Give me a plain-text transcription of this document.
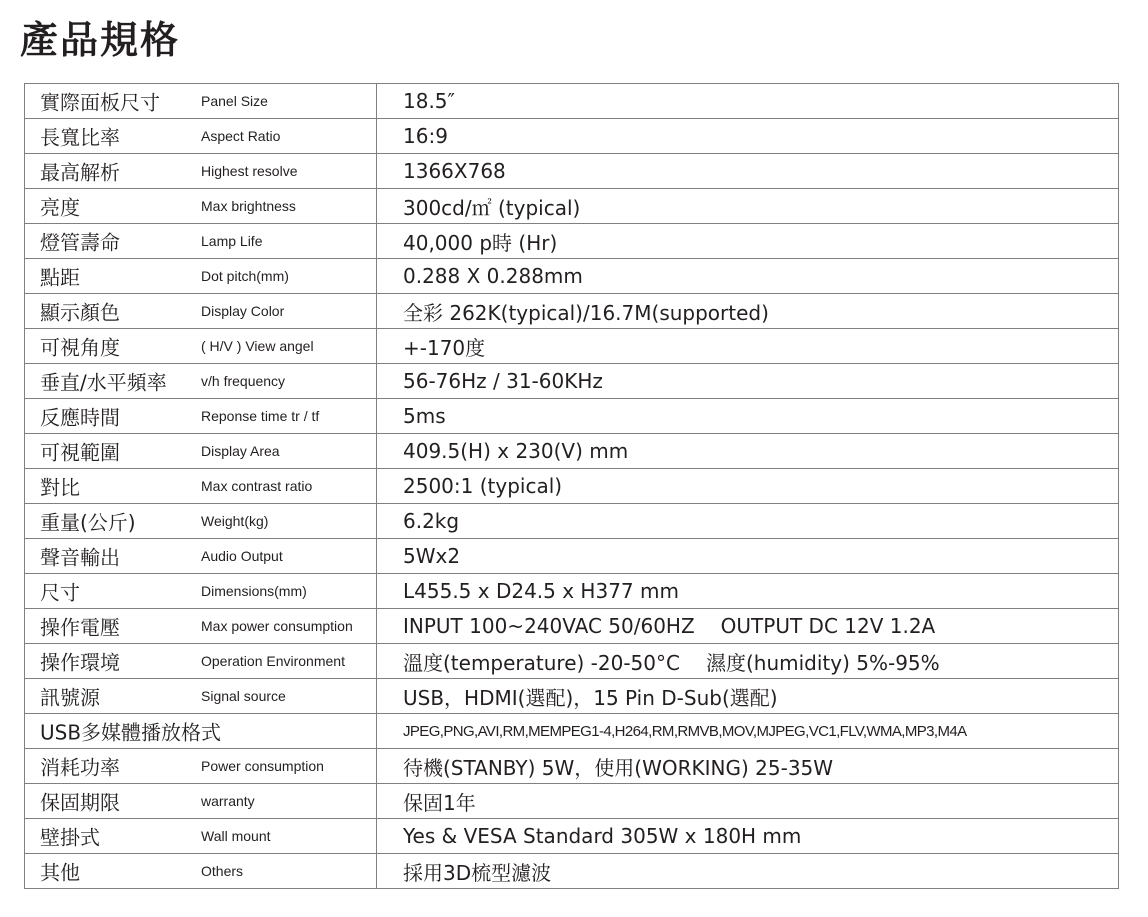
產品規格
實際面板尺寸 Panel Size	18.5″

長寬比率 Aspect Ratio	16:9

最高解析 Highest resolve	1366X768

亮度 Max brightness	300cd/㎡ (typical)

燈管壽命 Lamp Life	40,000 p時 (Hr)

點距 Dot pitch(mm)	0.288 X 0.288mm

顯示顏色 Display Color	全彩 262K(typical)/16.7M(supported)

可視角度 ( H/V ) View angel	+-170度

垂直/水平頻率 v/h frequency	56-76Hz / 31-60KHz

反應時間 Reponse time tr / tf	5ms

可視範圍 Display Area	409.5(H) x 230(V) mm

對比 Max contrast ratio	2500:1 (typical)

重量(公斤) Weight(kg)	6.2kg

聲音輸出 Audio Output	5Wx2

尺寸 Dimensions(mm)	L455.5 x D24.5 x H377 mm

操作電壓 Max power consumption	INPUT 100~240VAC 50/60HZ OUTPUT DC 12V 1.2A

操作環境 Operation Environment	溫度(temperature) -20-50°C 濕度(humidity) 5%-95%

訊號源 Signal source	USB，HDMI(選配)，15 Pin D-Sub(選配)

USB多媒體播放格式	JPEG,PNG,AVI,RM,MEMPEG1-4,H264,RM,RMVB,MOV,MJPEG,VC1,FLV,WMA,MP3,M4A

消耗功率 Power consumption	待機(STANBY) 5W，使用(WORKING) 25-35W

保固期限 warranty	保固1年

壁掛式 Wall mount	Yes & VESA Standard 305W x 180H mm

其他 Others	採用3D梳型濾波
